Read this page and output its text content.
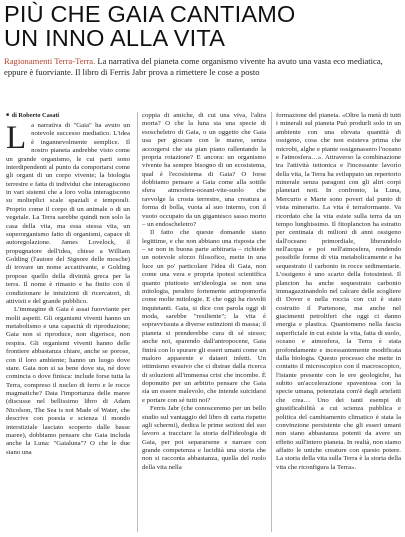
PIÙ CHE GAIA CANTIAMO
UN INNO ALLA VITA

Ragionamenti Terra-Terra. La narrativa del pianeta come organismo vivente ha avuto una vasta eco mediatica, eppure è fuorviante. Il libro di Ferris Jabr prova a rimettere le cose a posto

■ di Roberto Casati

La narrativa di "Gaia" ha avuto un notevole successo mediatico. L'idea è ingannevolmente semplice. Il nostro pianeta andrebbe visto come un grande organismo, le cui parti sono interdipendenti al punto da comportarsi come gli organi di un corpo vivente; la biologia terrestre e fatta di individui che interagiscono in vari sistemi che a loro volta interagiscono su molteplici scale spaziali e temporali. Proprio come il corpo di un animale o di un vegetale. La Terra sarebbe quindi non solo la casa della vita, ma essa stessa vita, un superorganismo fatto di organismi, capace di autoregolazione. James Lovelock, il propugnatore dell'idea, chiese a William Golding (l'autore del Signore delle mosche) di trovare un nome accattivante, e Golding propose quello della divinità greca per la terra. Il nome è rimasto e ha finito con il condizionare le intuizioni di ricercatori, di attivisti e del grande pubblico.

L'immagine di Gaia è assai fuorviante per molti aspetti. Gli organismi viventi hanno un metabolismo e una capacità di riproduzione; Gaia non si riproduce, non digerisce, non respira. Gli organismi viventi hanno delle frontiere abbastanza chiare, anche se porose, con il loro ambiente; hanno un luogo dove stare. Gaia non si sa bene dove sta, né dove comincia o dove finisca: include forse tutta la Terra, compreso il nucleo di ferro e le rocce magmatiche? Data l'importanza delle maree (discusse nel bellissimo libro di Adam Nicolson, The Sea is not Made of Water, che descrive con poesia e scienza il mondo interstiziale lasciato scoperto dalle basse maree), dobbiamo pensare che Gaia includa anche la Luna: "Gaialuna"? O che le due siano una

coppia di amiche, di cui una viva, l'altra morta? O che la luna sia una specie di esoscheletro di Gaia, o un oggetto che Gaia usa per giocare con le maree, senza accorgersi che sta pian piano rallentando la propria rotazione? E ancora: un organismo vivente ha sempre bisogno di un ecosistema, qual è l'ecosistema di Gaia? O forse dobbiamo pensare a Gaia come alla sottile sfera atmosfera-oceani-vite-suolo che ravvolge la crosta terrestre, una creatura a forma di bolla, vuota al suo interno, con il vuoto occupato da un gigantesco sasso morto – un endoscheletro?

Il fatto che queste domande siano legittime, e che non abbiano una risposta che – se non in buona parte arbitraria – richiede un notevole sforzo filosofico, mette in una luce un po' particolare l'idea di Gaia, non come una vera e propria ipotesi scientifica quanto piuttosto un'ideologia se non una mitologia, peraltro fortemente antropomorfa come molte mitologie. E che oggi ha risvolti inquietanti. Gaia, si dice con parola oggi di moda, sarebbe "resiliente"; la vita è sopravvissuta a diverse estinzioni di massa; il pianeta si prenderebbe cura di sé stesso; anche noi, sparendo dall'antropocene, Gaia finirà con lo spurare gli esseri umani come un maloro apparente e dataeri infetti. Un ottimismo evasivo che ci distrae dalla ricerca di soluzioni all'immensa crisi che incombe. È doponutto per un arbitrio pensare che Gaia sia un essere malevolo, che intende suicidarsi e portare con sé tutti noi?

Ferris Jabr (che conosceremo per un bello studio sul vantaggio del libro di carta rispetto agli schermi), dedica le prime sezioni del suo lavoro a tracciare la storia dell'ideologia di Gaia, per poi separarsene e narrare con grande competenza e lucidità una storia che non si racconta abbastanza, quella del ruolo della vita nella

formazione del pianeta. «Oltre la metà di tutti i minerali sul pianeta Può produrli solo in un ambiente con una elevata quantità di ossigeno, cosa che non esisteva prima che microbi, alghe e piante ossigenassero l'oceano e l'atmosfera…». Attraverso la combinazione tra l'attività tettonica e l'incessante lavorìo della vita, la Terra ha sviluppato un repertorio minerale senza paragoni con gli altri corpi planetari noti. In confronto, la Luna, Mercurio e Marte sono poveri dal punto di vista minerario. La vita è terraformante. Va ricordato che la vita esiste sulla terra da un tempo lunghissimo. Il fitoplancton ha estratto per centinaia di milioni di anni ossigeno dall'oceano primordiale, liberandolo nell'acqua e poi nell'atmosfera, rendendo possibile forme di vita metabolicamente e ha sequestrato il carbonio in rocce sedimentarie. L'ossigeno è uno scarto della fotosintesi. Il plancton ha anche sequestrato carbonio immagazzinandolo nel calcare delle scogliere di Dover e nella roccia con cui è stato costruito il Partenone, ma anche nel giacimenti petroliferi che oggi ci danno energia e plastica. Quantomeno nella fascia superficiale in cui esiste la vita, fatta di suolo, oceano e atmosfera, la Terra è stata profondamente e incessantemente modificata dalla biologia. Questo processo che mette in contatto il microscopico con il macroscopico, l'istante presente con le ere geologiche, ha subito un'accelerazione spaventosa con la specie umana, potenziata com'è dagli artefatti che crea… Uno dei tanti esempi di giustificabilità a cui scienza pubblica e politica del cambiamento climatico è stata la convinzione persistente che gli esseri umani non siano abbastanza potenti da avere un effetto sull'intero pianeta. In realtà, non siamo affatto le uniche creature con questo potere. La storia della vita sulla Terra è la storia della vita che riconfigura la Terra».
